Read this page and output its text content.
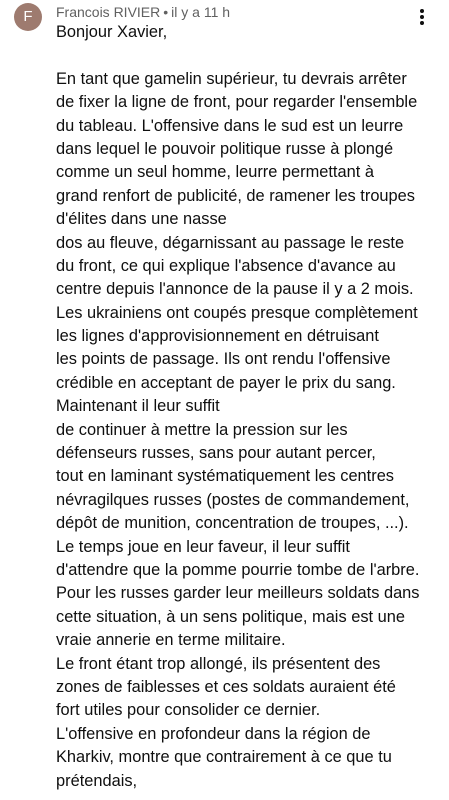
F	Francois RIVIER • il y a 11 h
Bonjour Xavier,
En tant que gamelin supérieur, tu devrais arrêter
de fixer la ligne de front, pour regarder l'ensemble
du tableau. L'offensive dans le sud est un leurre
dans lequel le pouvoir politique russe à plongé
comme un seul homme, leurre permettant à
grand renfort de publicité, de ramener les troupes
d'élites dans une nasse
dos au fleuve, dégarnissant au passage le reste
du front, ce qui explique l'absence d'avance au
centre depuis l'annonce de la pause il y a 2 mois.
Les ukrainiens ont coupés presque complètement
les lignes d'approvisionnement en détruisant
les points de passage. Ils ont rendu l'offensive
crédible en acceptant de payer le prix du sang.
Maintenant il leur suffit
de continuer à mettre la pression sur les
défenseurs russes, sans pour autant percer,
tout en laminant systématiquement les centres
névragilques russes (postes de commandement,
dépôt de munition, concentration de troupes, ...).
Le temps joue en leur faveur, il leur suffit
d'attendre que la pomme pourrie tombe de l'arbre.
Pour les russes garder leur meilleurs soldats dans
cette situation, à un sens politique, mais est une
vraie annerie en terme militaire.
Le front étant trop allongé, ils présentent des
zones de faiblesses et ces soldats auraient été
fort utiles pour consolider ce dernier.
L'offensive en profondeur dans la région de
Kharkiv, montre que contrairement à ce que tu
prétendais,
